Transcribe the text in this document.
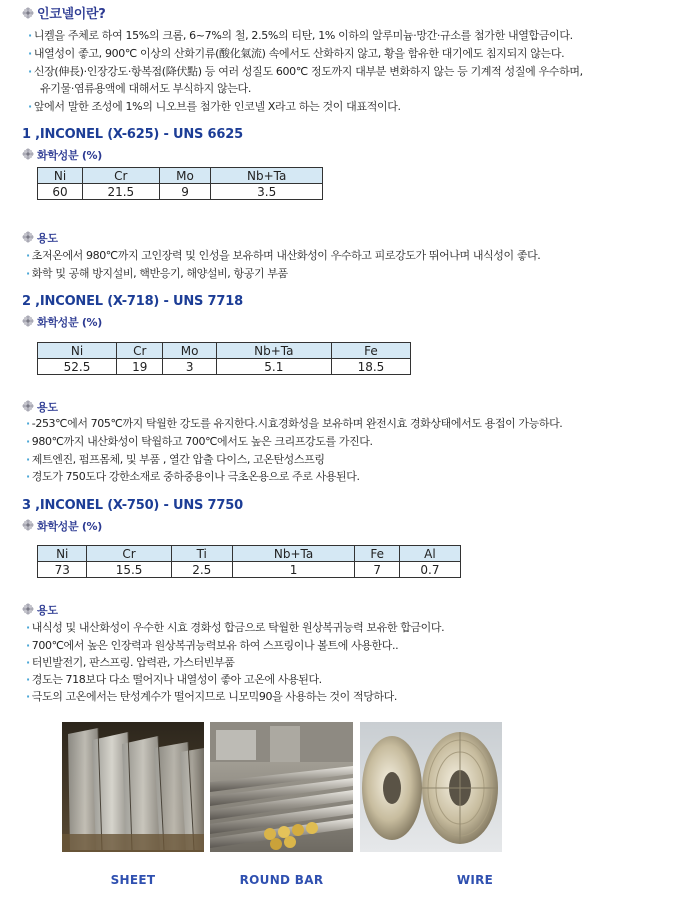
인코넬이란?
· 니켈을 주체로 하여 15%의 크롬, 6~7%의 철, 2.5%의 티탄, 1% 이하의 알루미늄·망간·규소를 첨가한 내열합금이다.
· 내열성이 좋고, 900℃ 이상의 산화기류(酸化氣流) 속에서도 산화하지 않고, 황을 함유한 대기에도 침지되지 않는다.
· 신장(伸長)·인장강도·항복점(降伏點) 등 여러 성질도 600℃ 정도까지 대부분 변화하지 않는 등 기계적 성질에 우수하며,
유기물·염류용액에 대해서도 부식하지 않는다.
· 앞에서 말한 조성에 1%의 니오브를 첨가한 인코넬 X라고 하는 것이 대표적이다.
1 ,INCONEL (X-625) - UNS 6625
화학성분 (%)
Ni	Cr	Mo	Nb+Ta
60	21.5	9	3.5
용도
· 초저온에서 980℃까지 고인장력 및 인성을 보유하며 내산화성이 우수하고 피로강도가 뛰어나며 내식성이 좋다.
· 화학 및 공해 방지설비, 핵반응기, 해양설비, 항공기 부품
2 ,INCONEL (X-718) - UNS 7718
화학성분 (%)
Ni	Cr	Mo	Nb+Ta	Fe
52.5	19	3	5.1	18.5
용도
· -253℃에서 705℃까지 탁월한 강도를 유지한다.시효경화성을 보유하며 완전시효 경화상태에서도 용접이 가능하다.
· 980℃까지 내산화성이 탁월하고 700℃에서도 높은 크리프강도를 가진다.
· 제트엔진, 펌프몸체, 및 부품 , 열간 압출 다이스, 고온탄성스프링
· 경도가 750도다 강한소재로 중하중용이나 극초온용으로 주로 사용된다.
3 ,INCONEL (X-750) - UNS 7750
화학성분 (%)
Ni	Cr	Ti	Nb+Ta	Fe	Al
73	15.5	2.5	1	7	0.7
용도
· 내식성 및 내산화성이 우수한 시효 경화성 합금으로 탁월한 원상복귀능력 보유한 합금이다.
· 700℃에서 높은 인장력과 원상복귀능력보유 하여 스프링이나 볼트에 사용한다..
· 터빈발전기, 판스프링. 압력관, 가스터빈부품
· 경도는 718보다 다소 떨어지나 내열성이 좋아 고온에 사용된다.
· 극도의 고온에서는 탄성계수가 떨어지므로 니모믹90을 사용하는 것이 적당하다.
SHEET	ROUND BAR	WIRE
